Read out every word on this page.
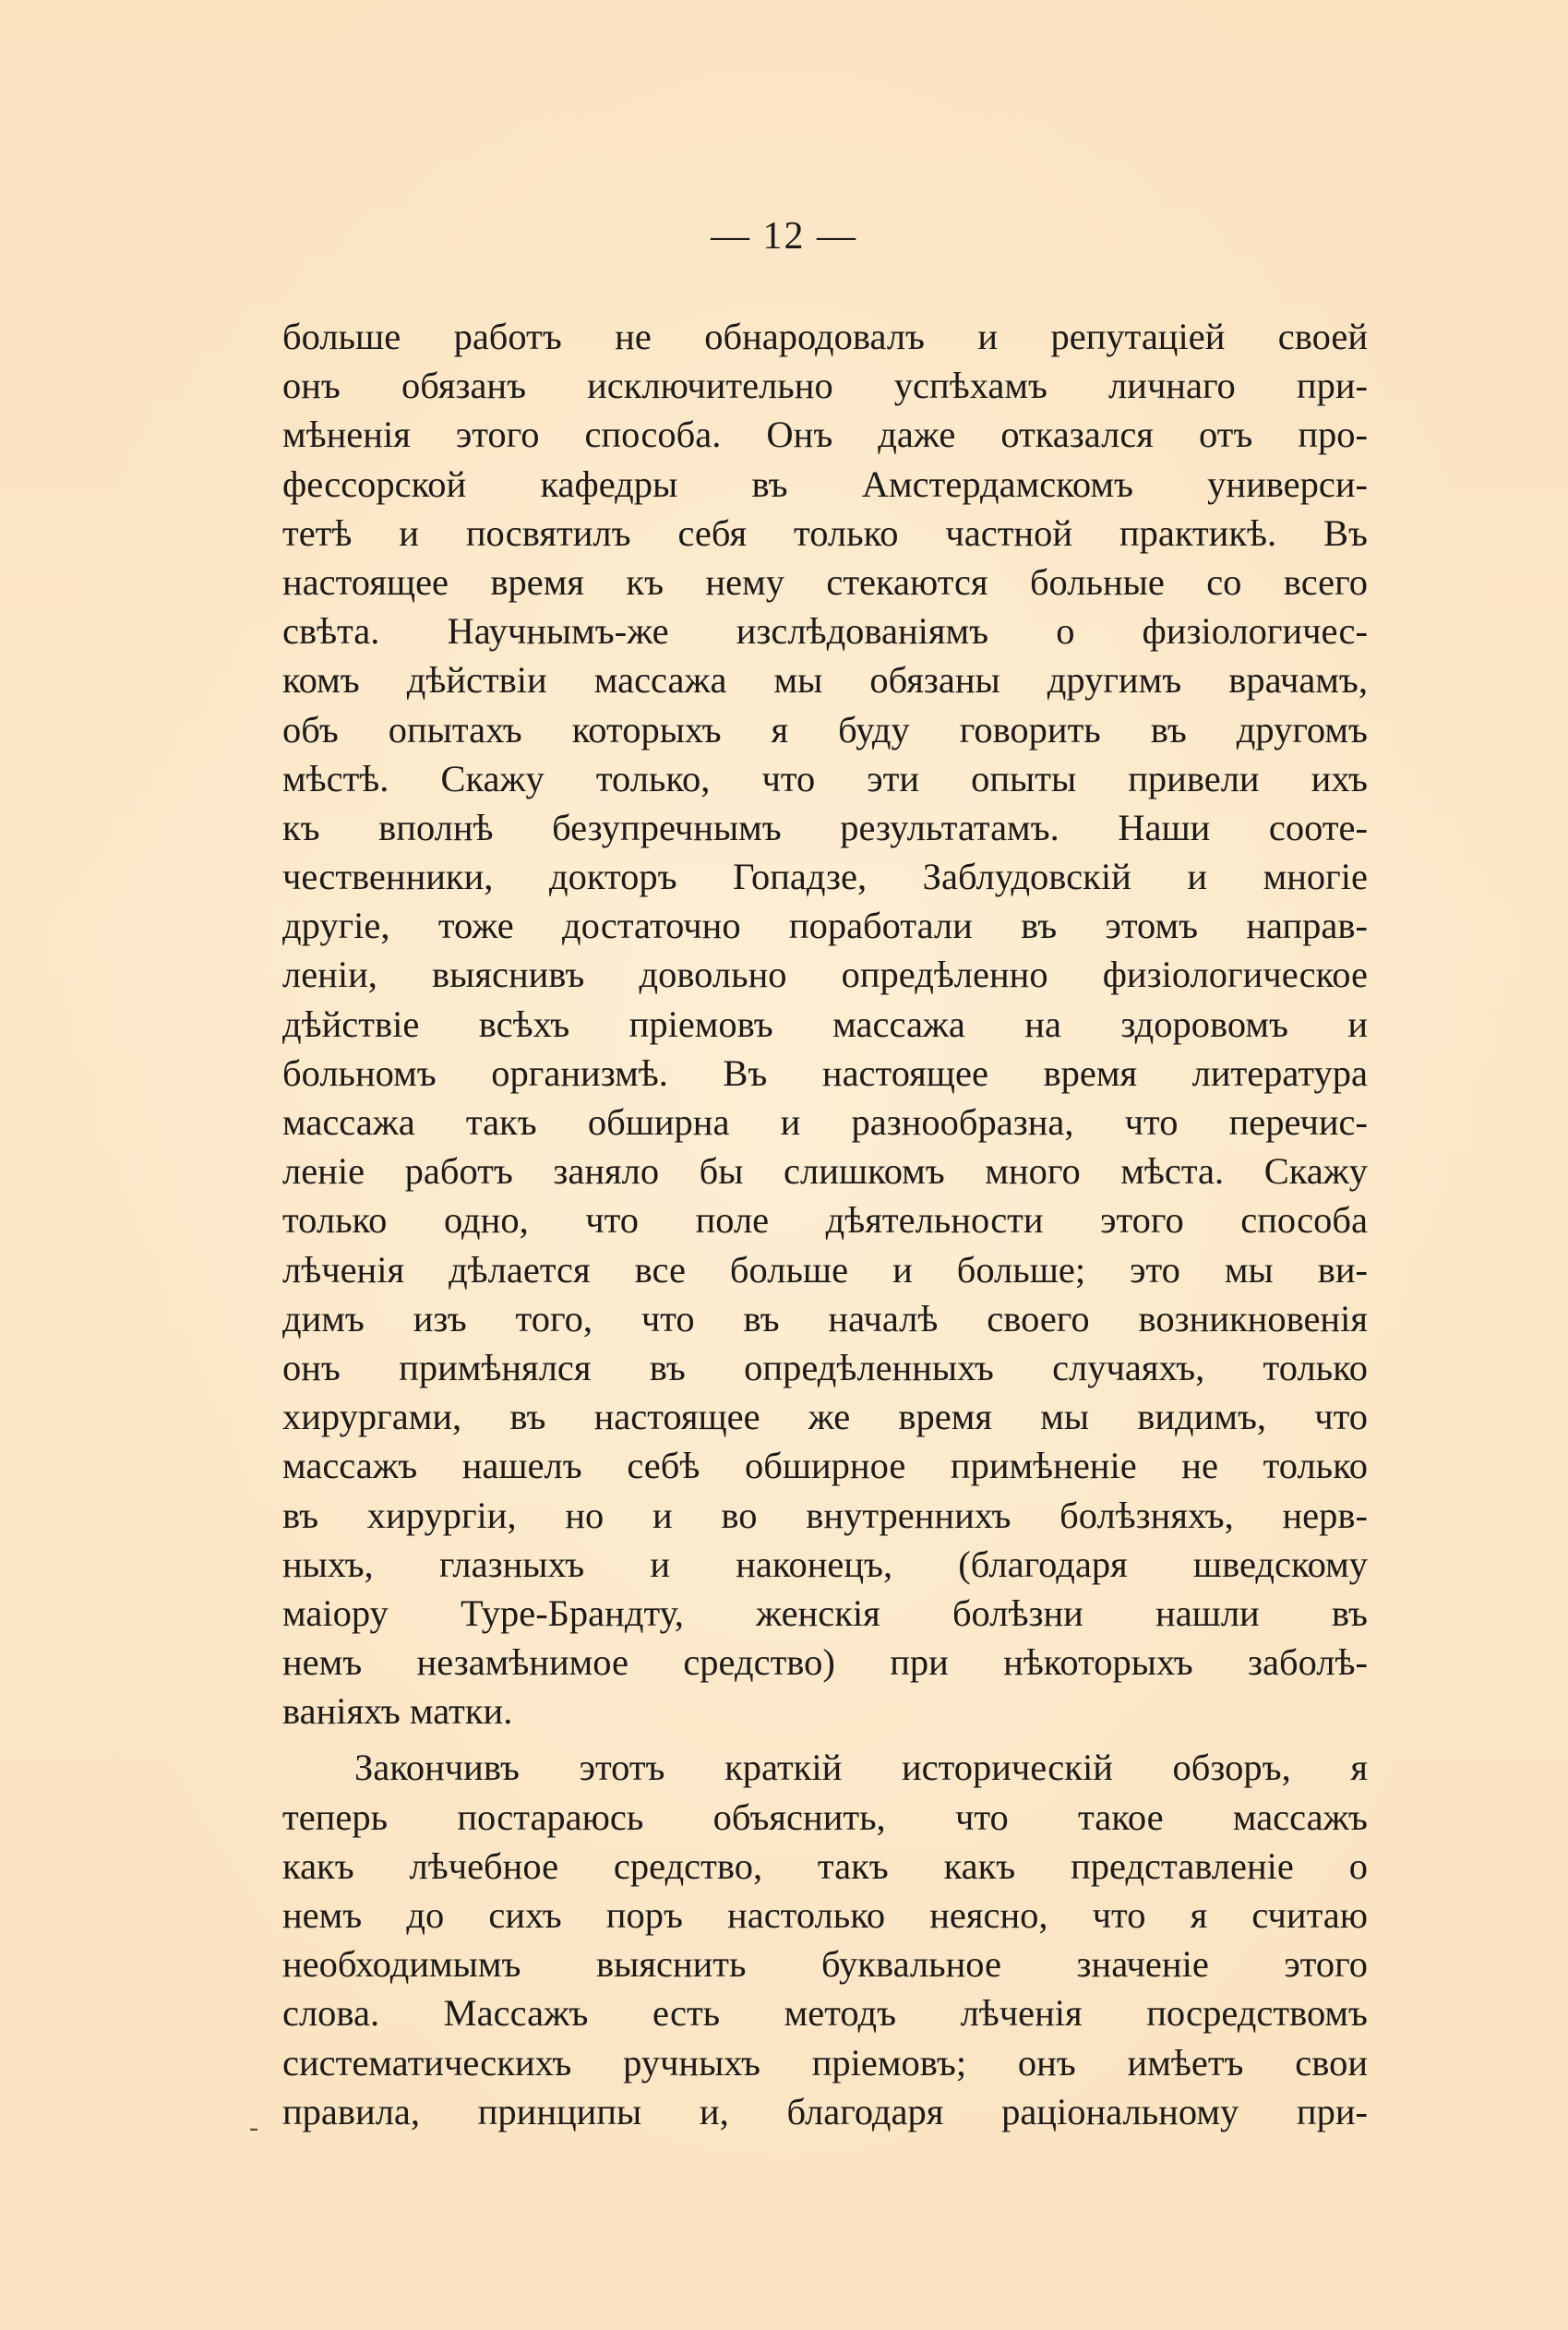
— 12 —
больше работъ не обнародовалъ и репутаціей своей
онъ обязанъ исключительно успѣхамъ личнаго при-
мѣненія этого способа. Онъ даже отказался отъ про-
фессорской кафедры въ Амстердамскомъ универси-
тетѣ и посвятилъ себя только частной практикѣ. Въ
настоящее время къ нему стекаются больные со всего
свѣта. Научнымъ-же изслѣдованіямъ о физіологичес-
комъ дѣйствіи массажа мы обязаны другимъ врачамъ,
объ опытахъ которыхъ я буду говорить въ другомъ
мѣстѣ. Скажу только, что эти опыты привели ихъ
къ вполнѣ безупречнымъ результатамъ. Наши сооте-
чественники, докторъ Гопадзе, Заблудовскій и многіе
другіе, тоже достаточно поработали въ этомъ направ-
леніи, выяснивъ довольно опредѣленно физіологическое
дѣйствіе всѣхъ пріемовъ массажа на здоровомъ и
больномъ организмѣ. Въ настоящее время литература
массажа такъ обширна и разнообразна, что перечис-
леніе работъ заняло бы слишкомъ много мѣста. Скажу
только одно, что поле дѣятельности этого способа
лѣченія дѣлается все больше и больше; это мы ви-
димъ изъ того, что въ началѣ своего возникновенія
онъ примѣнялся въ опредѣленныхъ случаяхъ, только
хирургами, въ настоящее же время мы видимъ, что
массажъ нашелъ себѣ обширное примѣненіе не только
въ хирургіи, но и во внутреннихъ болѣзняхъ, нерв-
ныхъ, глазныхъ и наконецъ, (благодаря шведскому
маіору Туре-Брандту, женскія болѣзни нашли въ
немъ незамѣнимое средство) при нѣкоторыхъ заболѣ-
ваніяхъ матки.
Закончивъ этотъ краткій историческій обзоръ, я
теперь постараюсь объяснить, что такое массажъ
какъ лѣчебное средство, такъ какъ представленіе о
немъ до сихъ поръ настолько неясно, что я считаю
необходимымъ выяснить буквальное значеніе этого
слова. Массажъ есть методъ лѣченія посредствомъ
систематическихъ ручныхъ пріемовъ; онъ имѣетъ свои
правила, принципы и, благодаря раціональному при-
-
